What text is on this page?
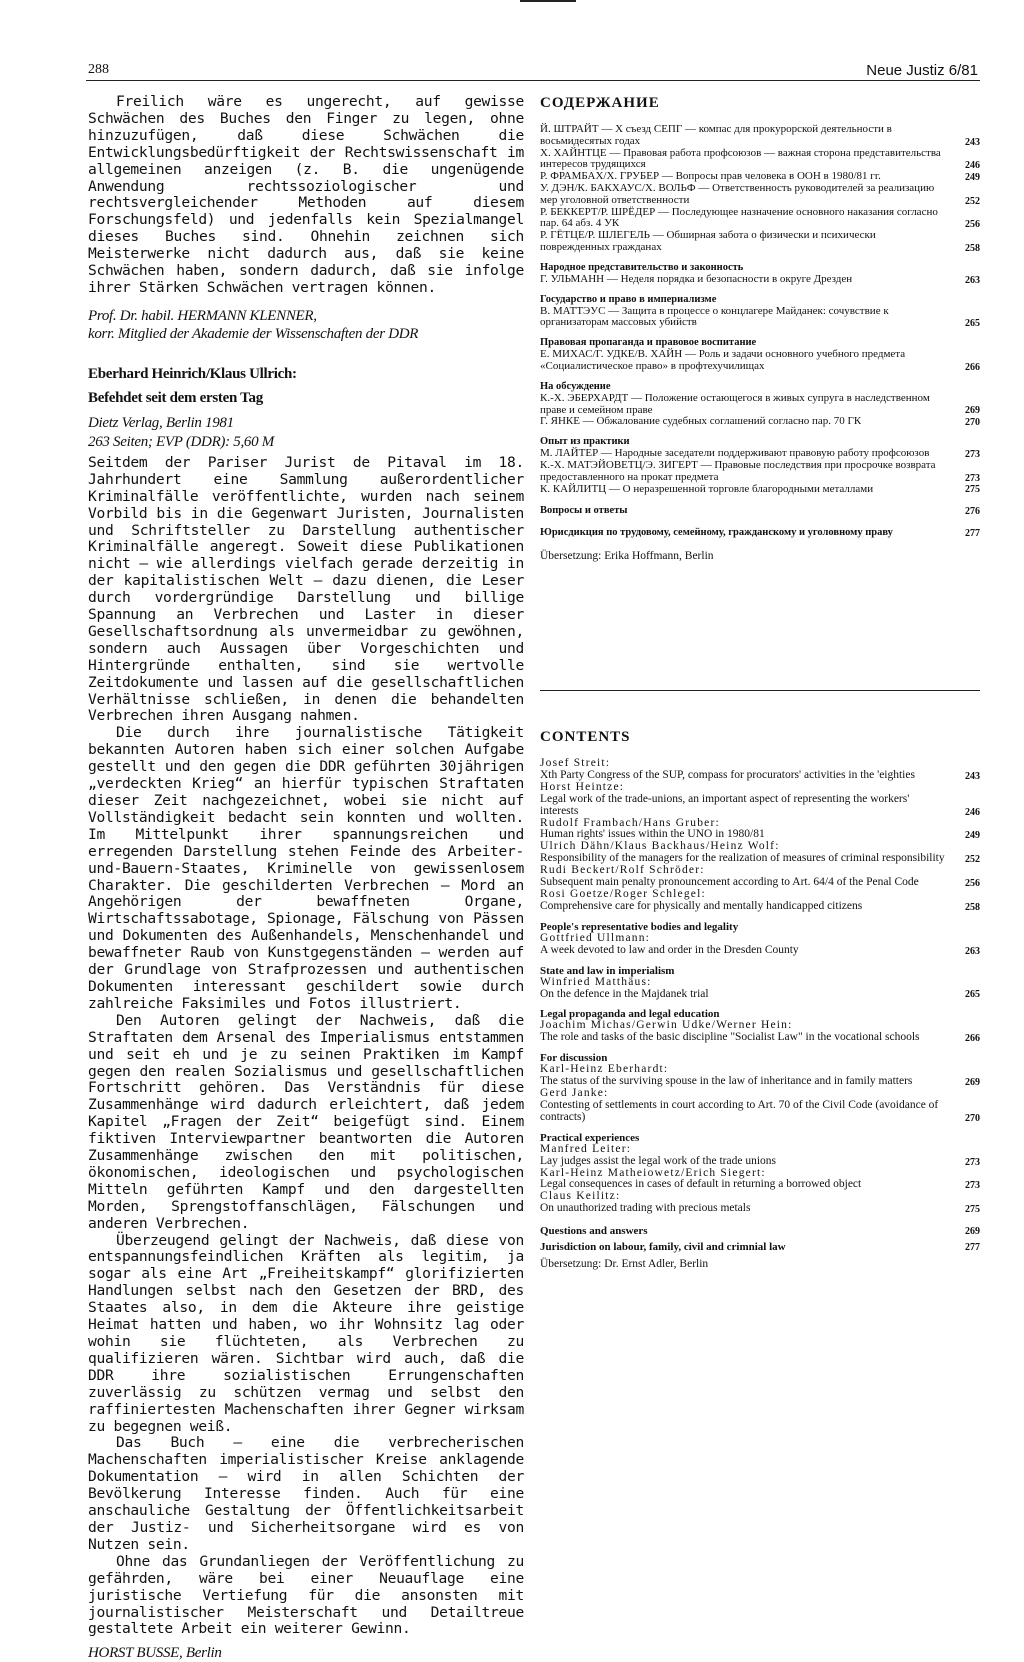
288	Neue Justiz 6/81

Freilich wäre es ungerecht, auf gewisse Schwächen des Buches den Finger zu legen, ohne hinzuzufügen, daß diese Schwächen die Entwicklungsbedürftigkeit der Rechtswissenschaft im allgemeinen anzeigen (z. B. die ungenügende Anwendung rechtssoziologischer und rechtsvergleichender Methoden auf diesem Forschungsfeld) und jedenfalls kein Spezialmangel dieses Buches sind. Ohnehin zeichnen sich Meisterwerke nicht dadurch aus, daß sie keine Schwächen haben, sondern dadurch, daß sie infolge ihrer Stärken Schwächen vertragen können.

Prof. Dr. habil. HERMANN KLENNER,

korr. Mitglied der Akademie der Wissenschaften der DDR

Eberhard Heinrich/Klaus Ullrich:
Befehdet seit dem ersten Tag
Dietz Verlag, Berlin 1981
263 Seiten; EVP (DDR): 5,60 M

Seitdem der Pariser Jurist de Pitaval im 18. Jahrhundert eine Sammlung außerordentlicher Kriminalfälle veröffentlichte, wurden nach seinem Vorbild bis in die Gegenwart Juristen, Journalisten und Schriftsteller zu Darstellung authentischer Kriminalfälle angeregt. Soweit diese Publikationen nicht — wie allerdings vielfach gerade derzeitig in der kapitalistischen Welt — dazu dienen, die Leser durch vordergründige Darstellung und billige Spannung an Verbrechen und Laster in dieser Gesellschaftsordnung als unvermeidbar zu gewöhnen, sondern auch Aussagen über Vorgeschichten und Hintergründe enthalten, sind sie wertvolle Zeitdokumente und lassen auf die gesellschaftlichen Verhältnisse schließen, in denen die behandelten Verbrechen ihren Ausgang nahmen.

Die durch ihre journalistische Tätigkeit bekannten Autoren haben sich einer solchen Aufgabe gestellt und den gegen die DDR geführten 30jährigen „verdeckten Krieg“ an hierfür typischen Straftaten dieser Zeit nachgezeichnet, wobei sie nicht auf Vollständigkeit bedacht sein konnten und wollten. Im Mittelpunkt ihrer spannungsreichen und erregenden Darstellung stehen Feinde des Arbeiter-und-Bauern-Staates, Kriminelle von gewissenlosem Charakter. Die geschilderten Verbrechen — Mord an Angehörigen der bewaffneten Organe, Wirtschaftssabotage, Spionage, Fälschung von Pässen und Dokumenten des Außenhandels, Menschenhandel und bewaffneter Raub von Kunstgegenständen — werden auf der Grundlage von Strafprozessen und authentischen Dokumenten interessant geschildert sowie durch zahlreiche Faksimiles und Fotos illustriert.

Den Autoren gelingt der Nachweis, daß die Straftaten dem Arsenal des Imperialismus entstammen und seit eh und je zu seinen Praktiken im Kampf gegen den realen Sozialismus und gesellschaftlichen Fortschritt gehören. Das Verständnis für diese Zusammenhänge wird dadurch erleichtert, daß jedem Kapitel „Fragen der Zeit“ beigefügt sind. Einem fiktiven Interviewpartner beantworten die Autoren Zusammenhänge zwischen den mit politischen, ökonomischen, ideologischen und psychologischen Mitteln geführten Kampf und den dargestellten Morden, Sprengstoffanschlägen, Fälschungen und anderen Verbrechen.

Überzeugend gelingt der Nachweis, daß diese von entspannungsfeindlichen Kräften als legitim, ja sogar als eine Art „Freiheitskampf“ glorifizierten Handlungen selbst nach den Gesetzen der BRD, des Staates also, in dem die Akteure ihre geistige Heimat hatten und haben, wo ihr Wohnsitz lag oder wohin sie flüchteten, als Verbrechen zu qualifizieren wären. Sichtbar wird auch, daß die DDR ihre sozialistischen Errungenschaften zuverlässig zu schützen vermag und selbst den raffiniertesten Machenschaften ihrer Gegner wirksam zu begegnen weiß.

Das Buch — eine die verbrecherischen Machenschaften imperialistischer Kreise anklagende Dokumentation — wird in allen Schichten der Bevölkerung Interesse finden. Auch für eine anschauliche Gestaltung der Öffentlichkeitsarbeit der Justiz- und Sicherheitsorgane wird es von Nutzen sein.

Ohne das Grundanliegen der Veröffentlichung zu gefährden, wäre bei einer Neuauflage eine juristische Vertiefung für die ansonsten mit journalistischer Meisterschaft und Detailtreue gestaltete Arbeit ein weiterer Gewinn.

HORST BUSSE, Berlin

СОДЕРЖАНИЕ
Й. ШТРАЙТ — X съезд СЕПГ — компас для прокурорской деятельности в восьмидесятых годах	243
Х. ХАЙНТЦЕ — Правовая работа профсоюзов — важная сторона представительства интересов трудящихся	246
Р. ФРАМБАХ/Х. ГРУБЕР — Вопросы прав человека в ООН в 1980/81 гг.	249
У. ДЭН/К. БАКХАУС/Х. ВОЛЬФ — Ответственность руководителей за реализацию мер уголовной ответственности	252
Р. БЕККЕРТ/Р. ШРЁДЕР — Последующее назначение основного наказания согласно пар. 64 абз. 4 УК	256
Р. ГЁТЦЕ/Р. ШЛЕГЕЛЬ — Обширная забота о физически и психически поврежденных гражданах	258
Народное представительство и законность
Г. УЛЬМАНН — Неделя порядка и безопасности в округе Дрезден	263
Государство и право в империализме
В. МАТТЭУС — Защита в процессе о концлагере Майданек: сочувствие к организаторам массовых убийств	265
Правовая пропаганда и правовое воспитание
Е. МИХАС/Г. УДКЕ/В. ХАЙН — Роль и задачи основного учебного предмета «Социалистическое право» в профтехучилищах	266
На обсуждение
К.-Х. ЭБЕРХАРДТ — Положение остающегося в живых супруга в наследственном праве и семейном праве	269
Г. ЯНКЕ — Обжалование судебных соглашений согласно пар. 70 ГК	270
Опыт из практики
М. ЛАЙТЕР — Народные заседатели поддерживают правовую работу профсоюзов	273
К.-Х. МАТЭЙОВЕТЦ/Э. ЗИГЕРТ — Правовые последствия при просрочке возврата предоставленного на прокат предмета	273
К. КАЙЛИТЦ — О неразрешенной торговле благородными металлами	275
Вопросы и ответы	276
Юрисдикция по трудовому, семейному, гражданскому и уголовному праву	277
Übersetzung: Erika Hoffmann, Berlin
CONTENTS
Josef Streit:
Xth Party Congress of the SUP, compass for procurators' activities in the 'eighties	243
Horst Heintze:
Legal work of the trade-unions, an important aspect of representing the workers' interests	246
Rudolf Frambach/Hans Gruber:
Human rights' issues within the UNO in 1980/81	249
Ulrich Dähn/Klaus Backhaus/Heinz Wolf:
Responsibility of the managers for the realization of measures of criminal responsibility 252
Rudi Beckert/Rolf Schröder:
Subsequent main penalty pronouncement according to Art. 64/4 of the Penal Code	256
Rosi Goetze/Roger Schlegel:
Comprehensive care for physically and mentally handicapped citizens	258
People's representative bodies and legality
Gottfried Ullmann:
A week devoted to law and order in the Dresden County	263
State and law in imperialism
Winfried Matthäus:
On the defence in the Majdanek trial	265
Legal propaganda and legal education
Joachim Michas/Gerwin Udke/Werner Hein:
The role and tasks of the basic discipline "Socialist Law" in the vocational schools	266
For discussion
Karl-Heinz Eberhardt:
The status of the surviving spouse in the law of inheritance and in family matters	269
Gerd Janke:
Contesting of settlements in court according to Art. 70 of the Civil Code (avoidance of contracts)	270
Practical experiences
Manfred Leiter:
Lay judges assist the legal work of the trade unions	273
Karl-Heinz Matheiowetz/Erich Siegert:
Legal consequences in cases of default in returning a borrowed object	273
Claus Keilitz:
On unauthorized trading with precious metals	275
Questions and answers	269
Jurisdiction on labour, family, civil and crimnial law	277
Übersetzung: Dr. Ernst Adler, Berlin
